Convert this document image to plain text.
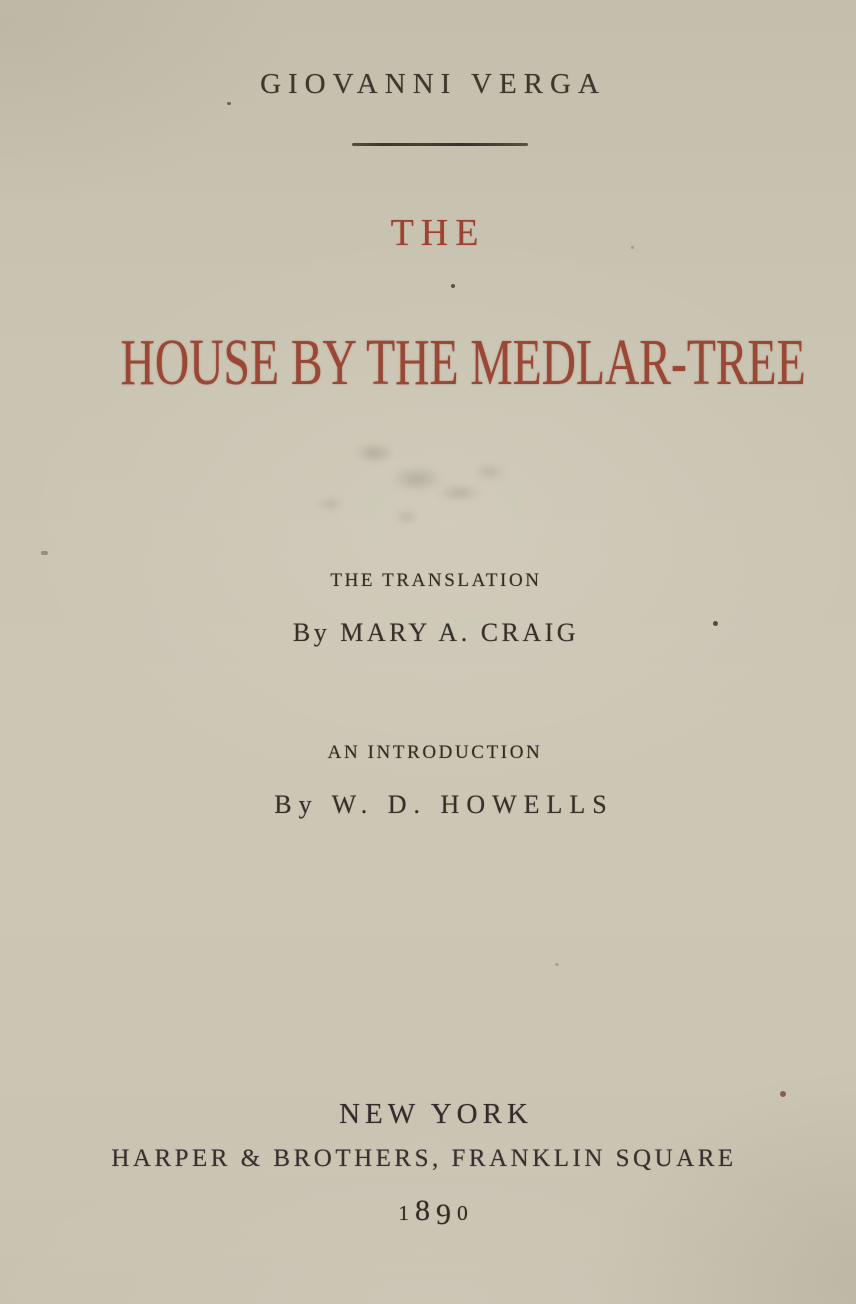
GIOVANNI VERGA
THE
HOUSE BY THE MEDLAR-TREE
THE TRANSLATION
By MARY A. CRAIG
AN INTRODUCTION
By W. D. HOWELLS
NEW YORK
HARPER & BROTHERS, FRANKLIN SQUARE
1890
